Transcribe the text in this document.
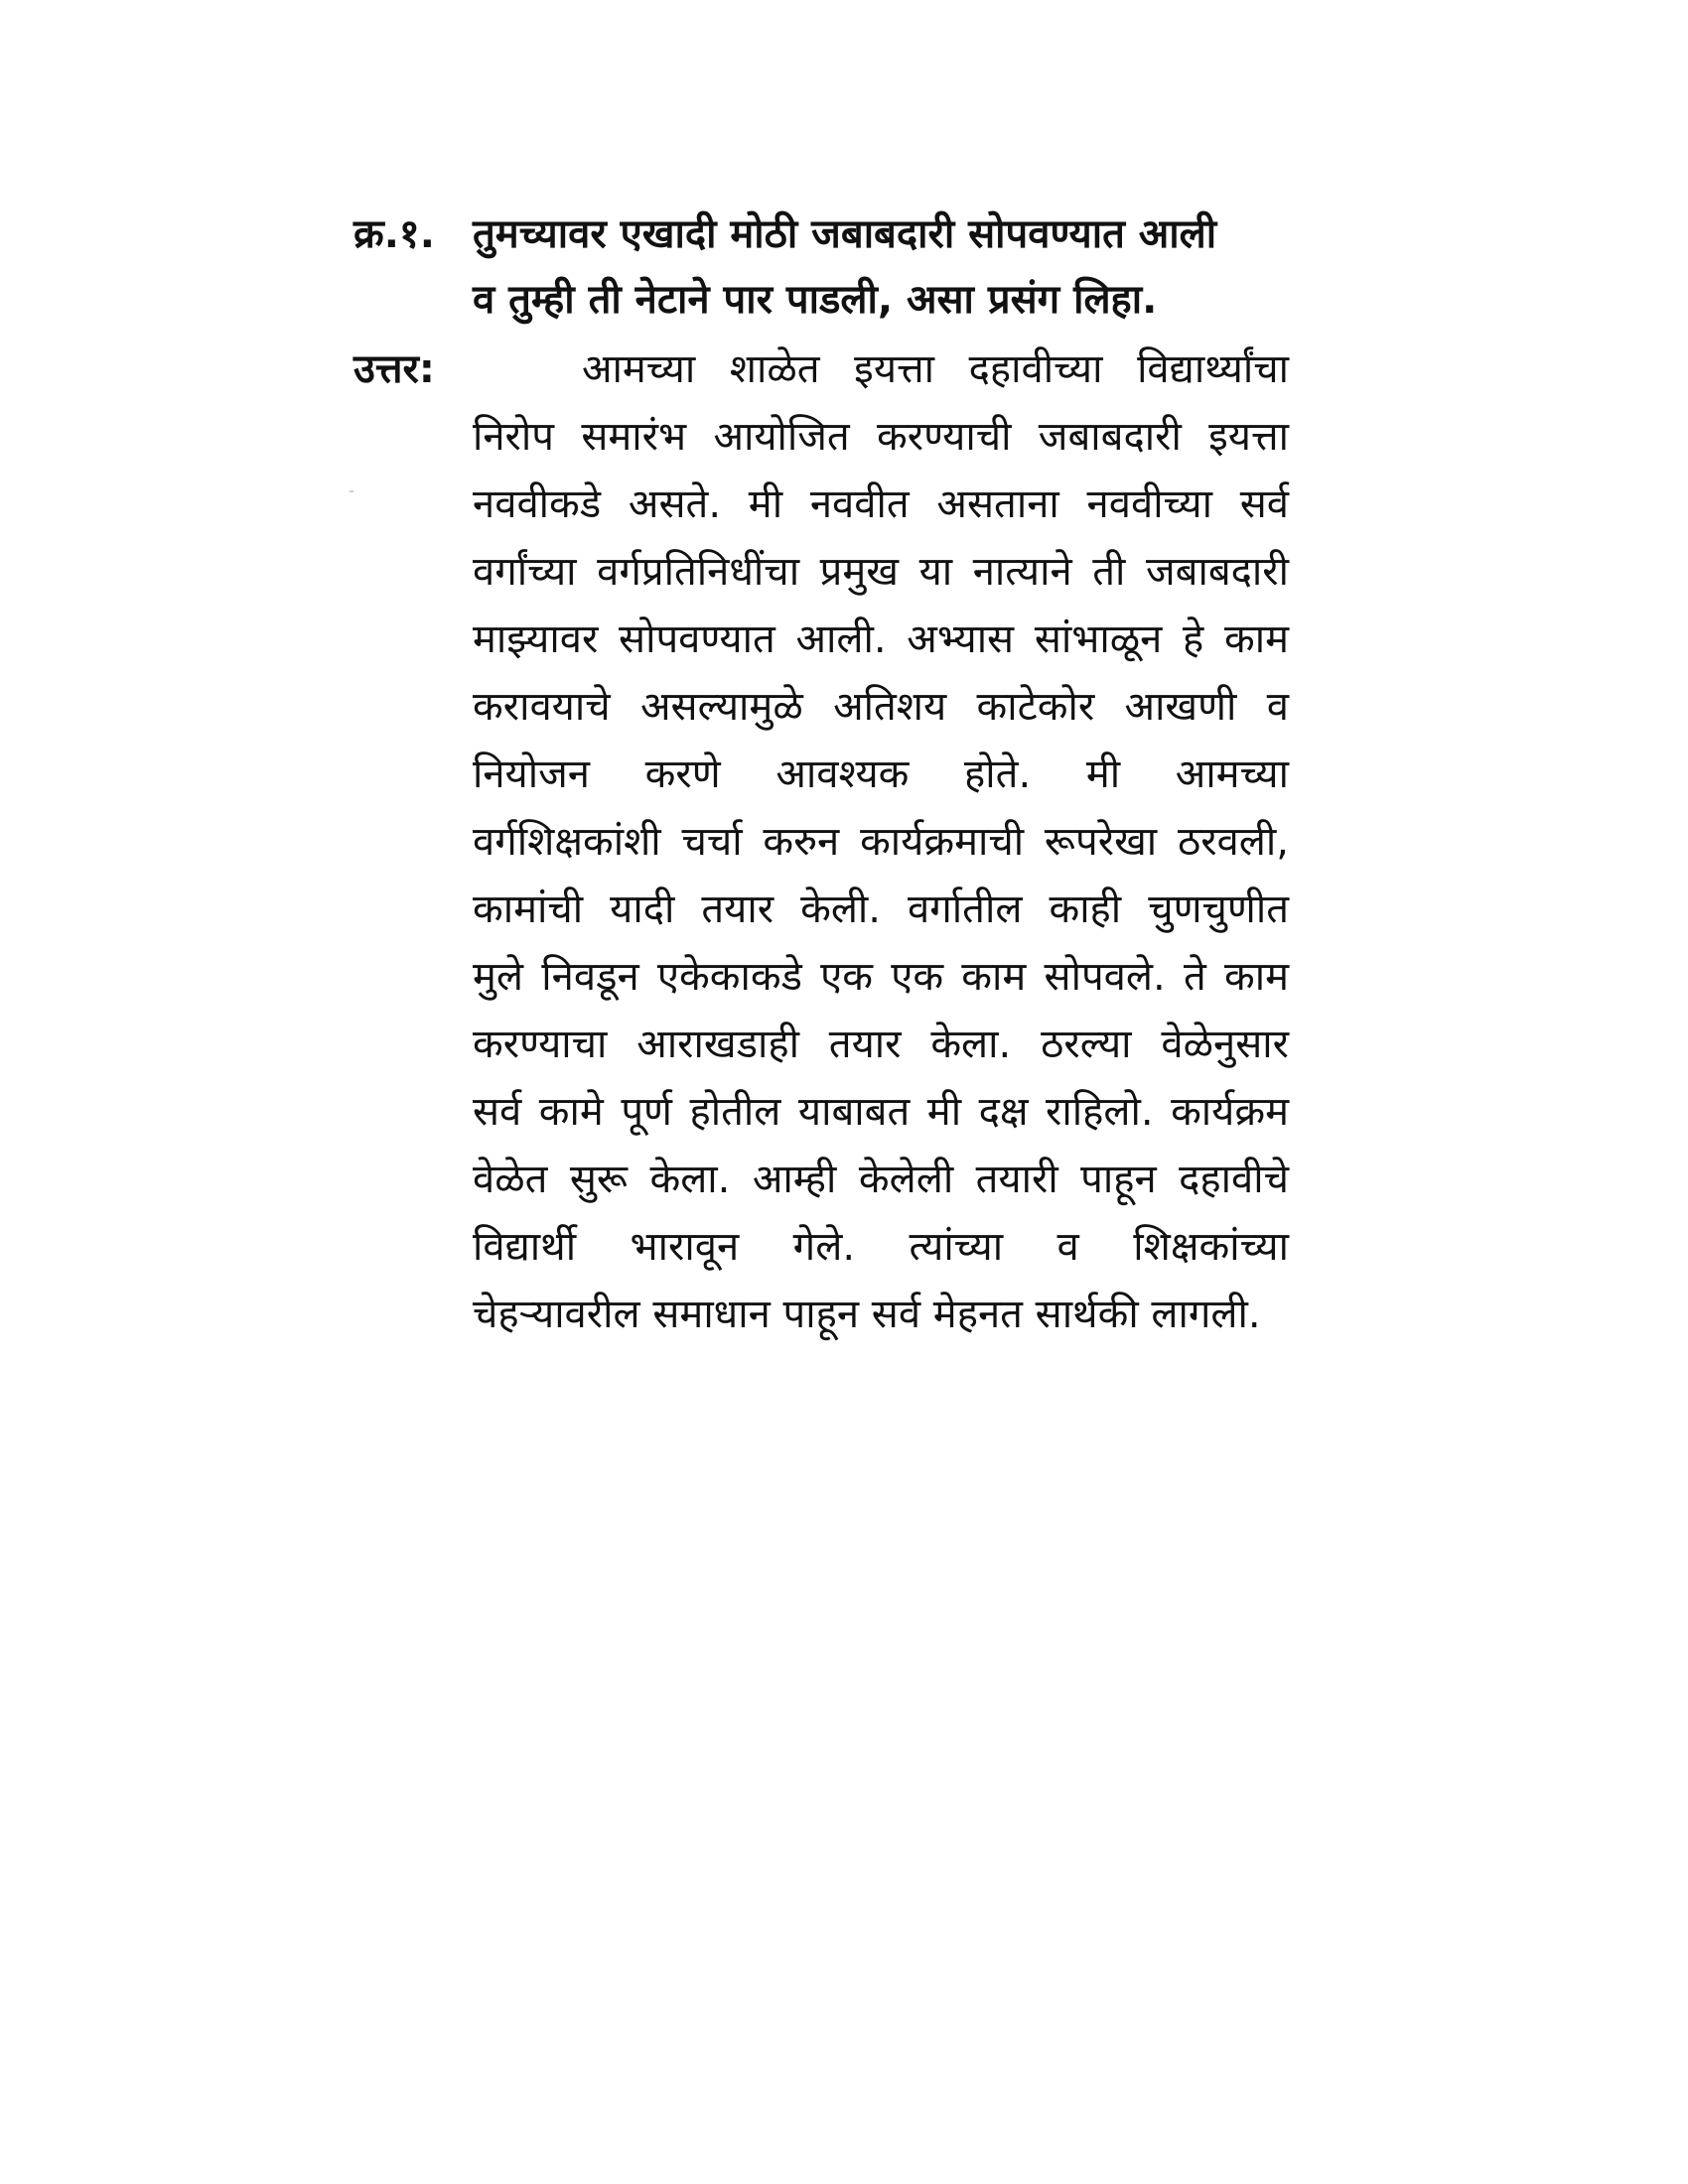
क्र.१. तुमच्यावर एखादी मोठी जबाबदारी सोपवण्यात आली
व तुम्ही ती नेटाने पार पाडली, असा प्रसंग लिहा.
उत्तर:	आमच्या शाळेत इयत्ता दहावीच्या विद्यार्थ्यांचा
निरोप समारंभ आयोजित करण्याची जबाबदारी इयत्ता
नववीकडे असते. मी नववीत असताना नववीच्या सर्व
वर्गांच्या वर्गप्रतिनिधींचा प्रमुख या नात्याने ती जबाबदारी
माझ्यावर सोपवण्यात आली. अभ्यास सांभाळून हे काम
करावयाचे असल्यामुळे अतिशय काटेकोर आखणी व
नियोजन करणे आवश्यक होते. मी आमच्या
वर्गशिक्षकांशी चर्चा करुन कार्यक्रमाची रूपरेखा ठरवली,
कामांची यादी तयार केली. वर्गातील काही चुणचुणीत
मुले निवडून एकेकाकडे एक एक काम सोपवले. ते काम
करण्याचा आराखडाही तयार केला. ठरल्या वेळेनुसार
सर्व कामे पूर्ण होतील याबाबत मी दक्ष राहिलो. कार्यक्रम
वेळेत सुरू केला. आम्ही केलेली तयारी पाहून दहावीचे
विद्यार्थी भारावून गेले. त्यांच्या व शिक्षकांच्या
चेहऱ्यावरील समाधान पाहून सर्व मेहनत सार्थकी लागली.
